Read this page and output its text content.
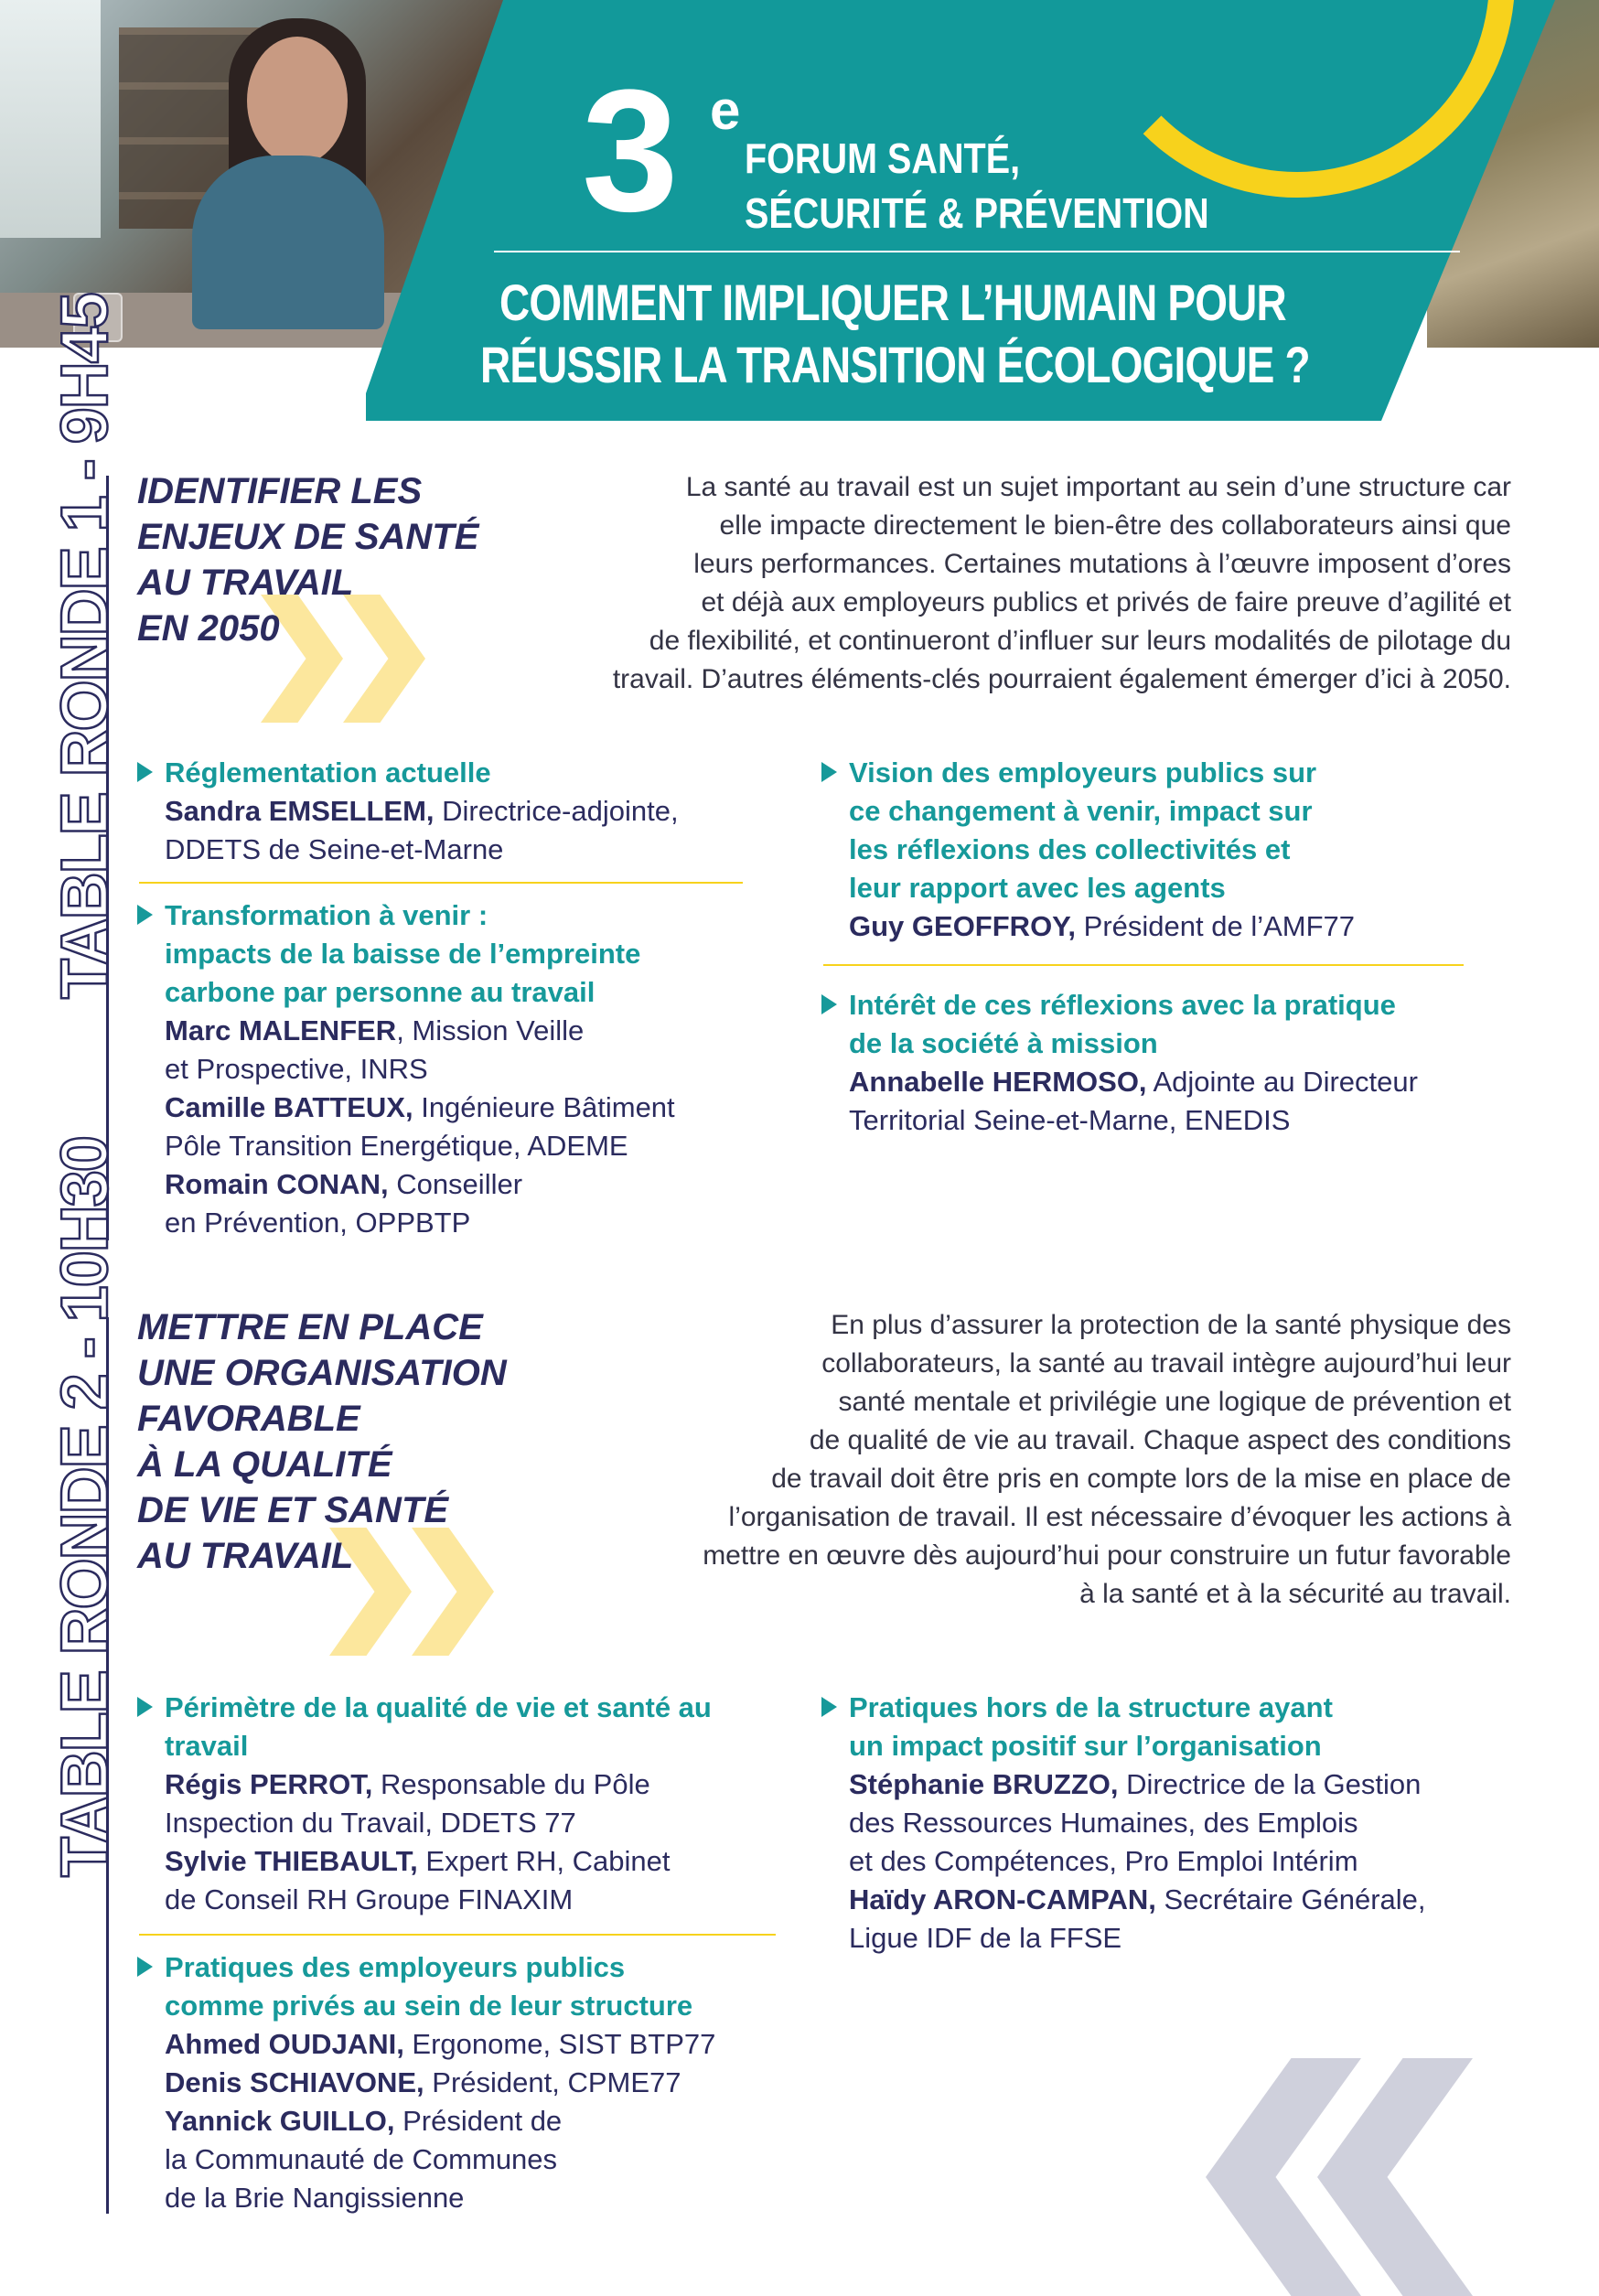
3 e
FORUM SANTÉ,
SÉCURITÉ & PRÉVENTION
COMMENT IMPLIQUER L’HUMAIN POUR
RÉUSSIR LA TRANSITION ÉCOLOGIQUE ?
TABLE RONDE 1 - 9H45 IDENTIFIER LES
ENJEUX DE SANTÉ
AU TRAVAIL
EN 2050
La santé au travail est un sujet important au sein d’une structure car
elle impacte directement le bien-être des collaborateurs ainsi que
leurs performances. Certaines mutations à l’œuvre imposent d’ores
et déjà aux employeurs publics et privés de faire preuve d’agilité et
de flexibilité, et continueront d’influer sur leurs modalités de pilotage du
travail. D’autres éléments-clés pourraient également émerger d’ici à 2050.
Réglementation actuelle
Sandra EMSELLEM, Directrice-adjointe,
DDETS de Seine-et-Marne
Transformation à venir :
impacts de la baisse de l’empreinte
carbone par personne au travail
Marc MALENFER, Mission Veille
et Prospective, INRS
Camille BATTEUX, Ingénieure Bâtiment
Pôle Transition Energétique, ADEME
Romain CONAN, Conseiller
en Prévention, OPPBTP
Vision des employeurs publics sur
ce changement à venir, impact sur
les réflexions des collectivités et
leur rapport avec les agents
Guy GEOFFROY, Président de l’AMF77
Intérêt de ces réflexions avec la pratique
de la société à mission
Annabelle HERMOSO, Adjointe au Directeur
Territorial Seine-et-Marne, ENEDIS
TABLE RONDE 2 - 10H30 METTRE EN PLACE
UNE ORGANISATION
FAVORABLE
À LA QUALITÉ
DE VIE ET SANTÉ
AU TRAVAIL
En plus d’assurer la protection de la santé physique des
collaborateurs, la santé au travail intègre aujourd’hui leur
santé mentale et privilégie une logique de prévention et
de qualité de vie au travail. Chaque aspect des conditions
de travail doit être pris en compte lors de la mise en place de
l’organisation de travail. Il est nécessaire d’évoquer les actions à
mettre en œuvre dès aujourd’hui pour construire un futur favorable
à la santé et à la sécurité au travail.
Périmètre de la qualité de vie et santé au
travail
Régis PERROT, Responsable du Pôle
Inspection du Travail, DDETS 77
Sylvie THIEBAULT, Expert RH, Cabinet
de Conseil RH Groupe FINAXIM
Pratiques des employeurs publics
comme privés au sein de leur structure
Ahmed OUDJANI, Ergonome, SIST BTP77
Denis SCHIAVONE, Président, CPME77
Yannick GUILLO, Président de
la Communauté de Communes
de la Brie Nangissienne
Pratiques hors de la structure ayant
un impact positif sur l’organisation
Stéphanie BRUZZO, Directrice de la Gestion
des Ressources Humaines, des Emplois
et des Compétences, Pro Emploi Intérim
Haïdy ARON-CAMPAN, Secrétaire Générale,
Ligue IDF de la FFSE
